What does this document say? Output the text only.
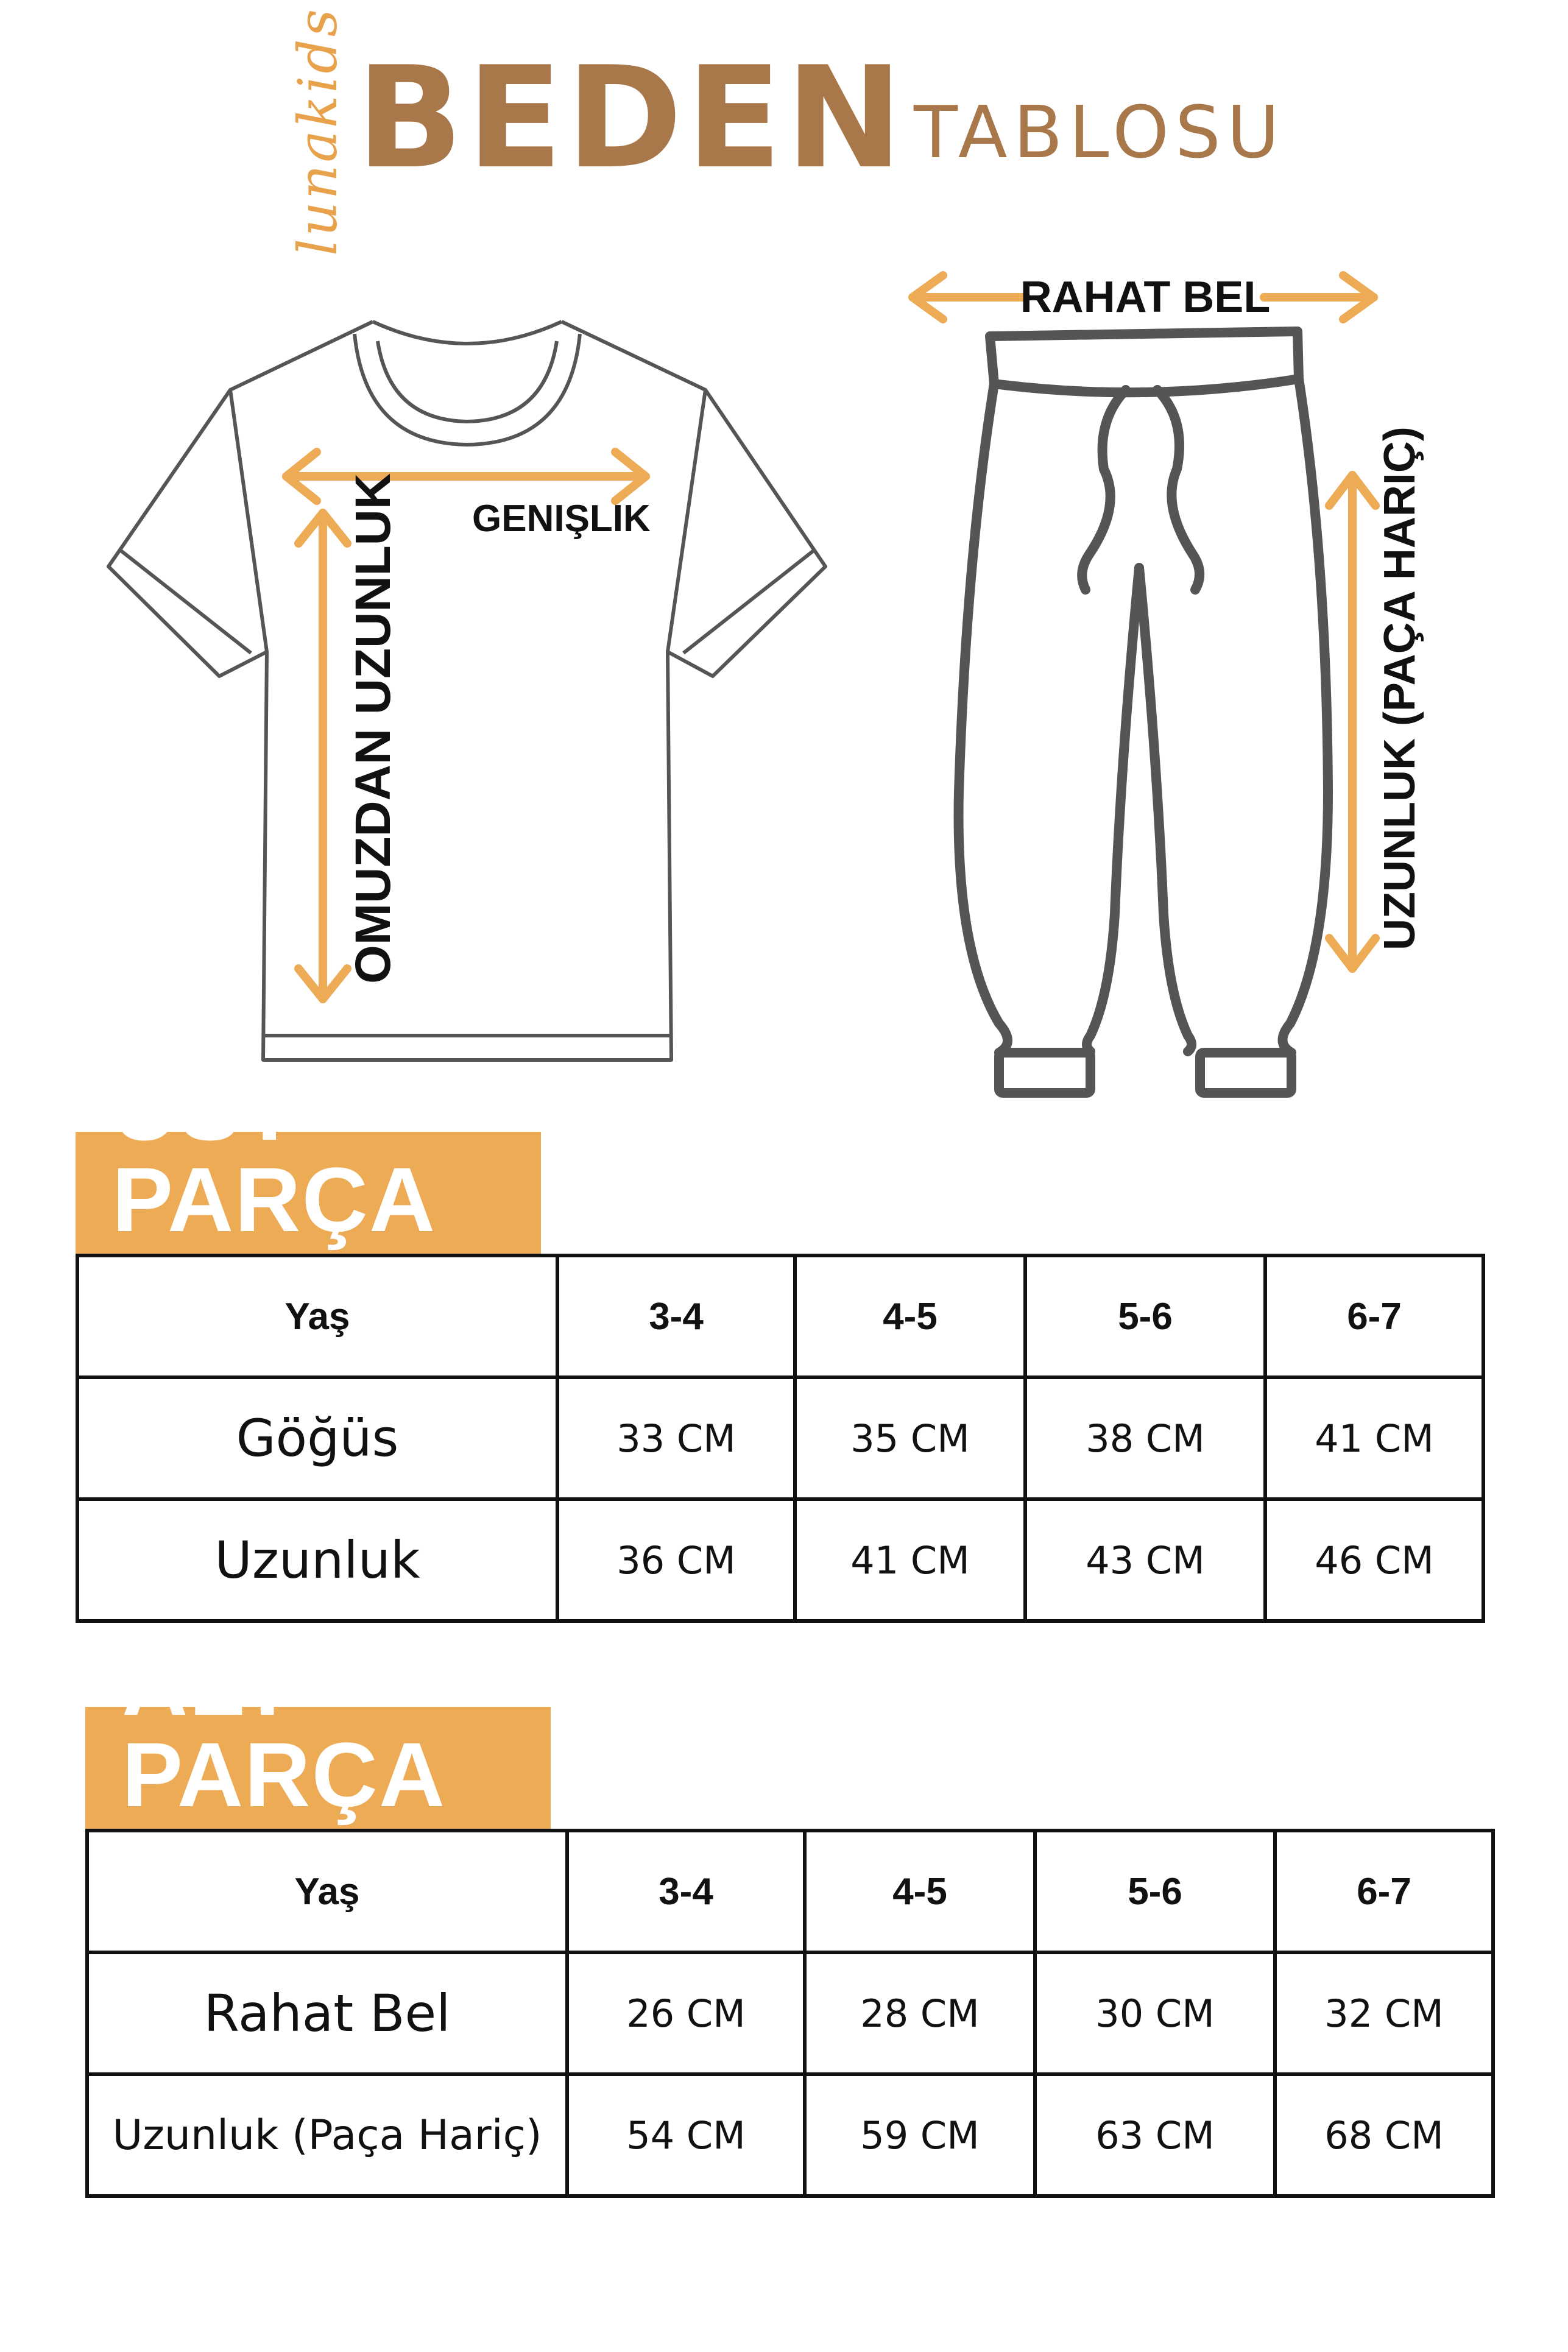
lunakids BEDEN TABLOSU
GENIŞLIK
OMUZDAN UZUNLUK
RAHAT BEL
UZUNLUK (PAÇA HARIÇ)
ÜST PARÇA
Yaş	3-4	4-5	5-6	6-7
Göğüs	33 CM	35 CM	38 CM	41 CM
Uzunluk	36 CM	41 CM	43 CM	46 CM
ALT PARÇA
Yaş	3-4	4-5	5-6	6-7
Rahat Bel	26 CM	28 CM	30 CM	32 CM
Uzunluk (Paça Hariç)	54 CM	59 CM	63 CM	68 CM
